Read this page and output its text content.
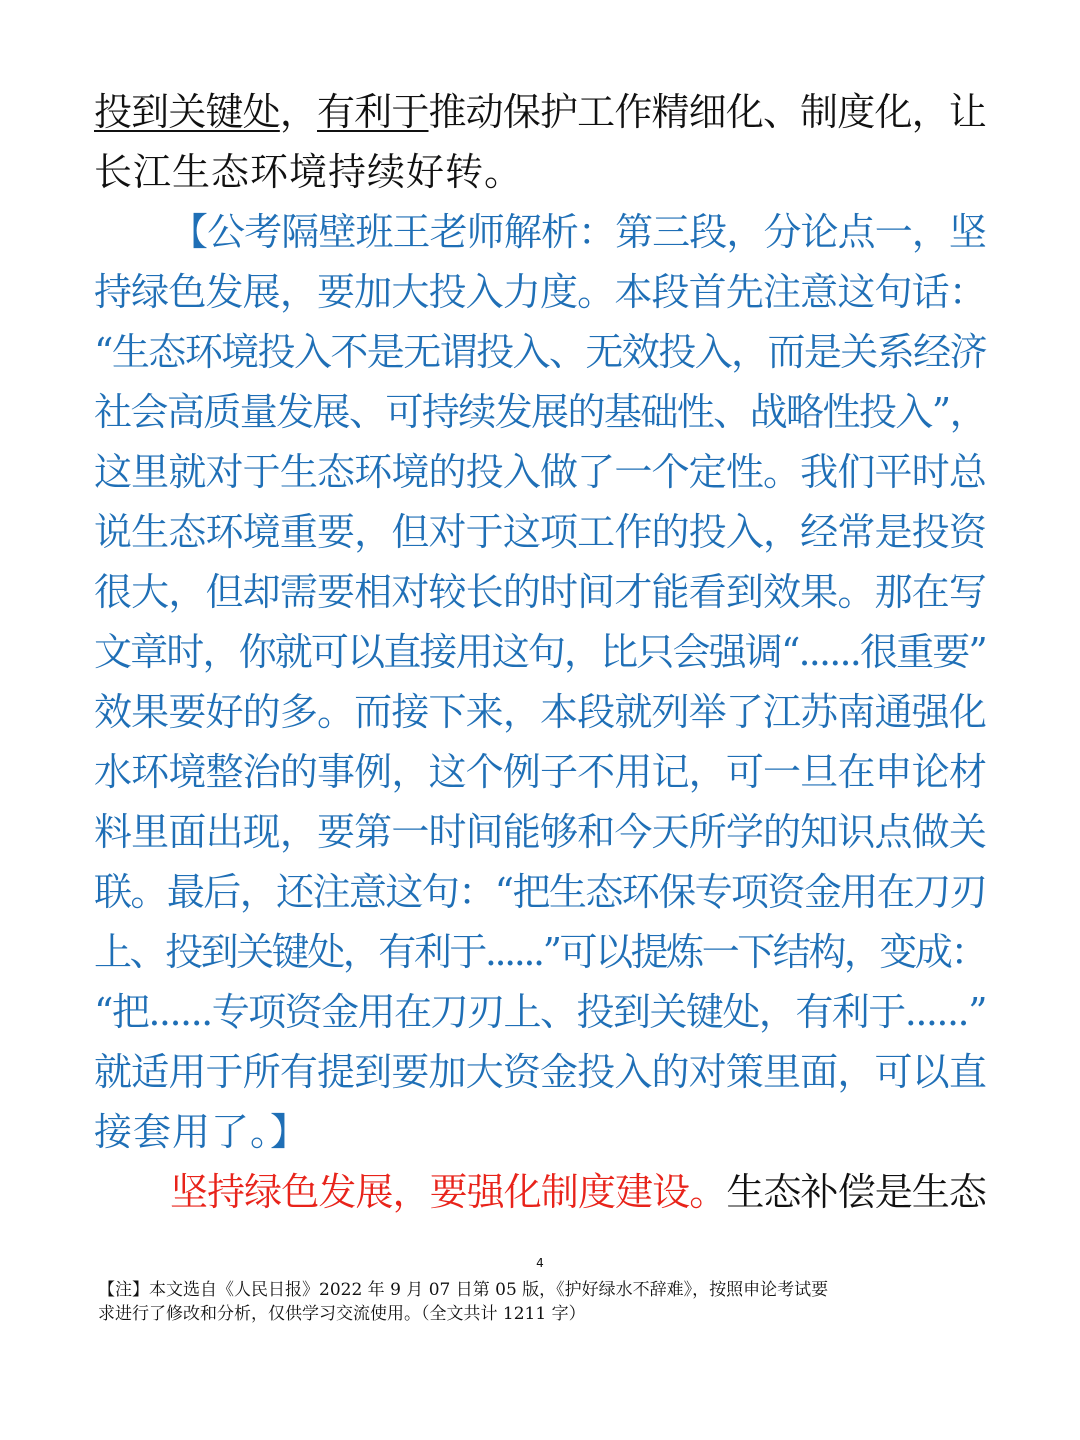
投到关键处，有利于推动保护工作精细化、制度化，让
长江生态环境持续好转。
【公考隔壁班王老师解析：第三段，分论点一，坚
持绿色发展，要加大投入力度。本段首先注意这句话：
“生态环境投入不是无谓投入、无效投入，而是关系经济
社会高质量发展、可持续发展的基础性、战略性投入”，
这里就对于生态环境的投入做了一个定性。我们平时总
说生态环境重要，但对于这项工作的投入，经常是投资
很大，但却需要相对较长的时间才能看到效果。那在写
文章时，你就可以直接用这句，比只会强调“......很重要”
效果要好的多。而接下来，本段就列举了江苏南通强化
水环境整治的事例，这个例子不用记，可一旦在申论材
料里面出现，要第一时间能够和今天所学的知识点做关
联。最后，还注意这句：“把生态环保专项资金用在刀刃
上、投到关键处，有利于......”可以提炼一下结构，变成：
“把......专项资金用在刀刃上、投到关键处，有利于......”
就适用于所有提到要加大资金投入的对策里面，可以直
接套用了。】
坚持绿色发展，要强化制度建设。生态补偿是生态
4
【注】本文选自《人民日报》2022 年 9 月 07 日第 05 版，《护好绿水不辞难》，按照申论考试要
求进行了修改和分析，仅供学习交流使用。（全文共计 1211 字）
